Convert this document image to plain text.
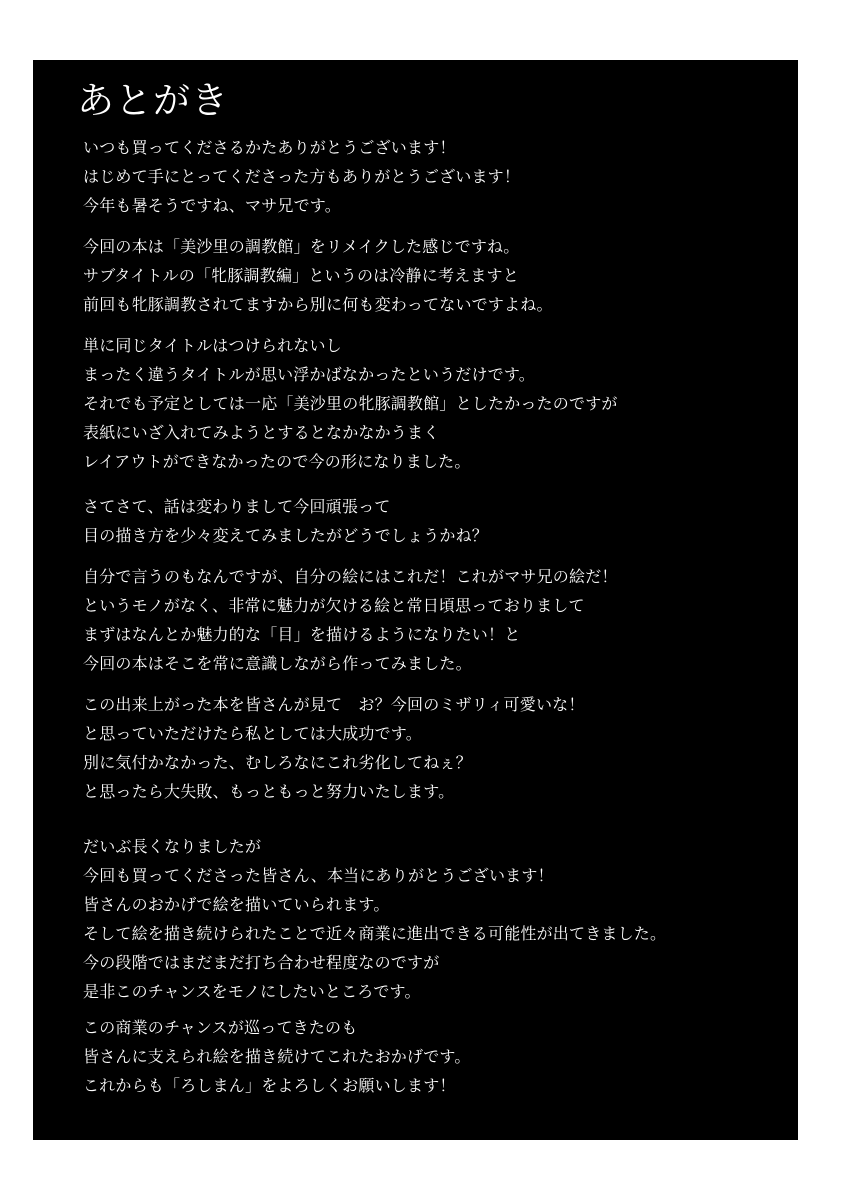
あとがき
いつも買ってくださるかたありがとうございます！
はじめて手にとってくださった方もありがとうございます！
今年も暑そうですね、マサ兄です。
今回の本は「美沙里の調教館」をリメイクした感じですね。
サブタイトルの「牝豚調教編」というのは冷静に考えますと
前回も牝豚調教されてますから別に何も変わってないですよね。
単に同じタイトルはつけられないし
まったく違うタイトルが思い浮かばなかったというだけです。
それでも予定としては一応「美沙里の牝豚調教館」としたかったのですが
表紙にいざ入れてみようとするとなかなかうまく
レイアウトができなかったので今の形になりました。
さてさて、話は変わりまして今回頑張って
目の描き方を少々変えてみましたがどうでしょうかね？
自分で言うのもなんですが、自分の絵にはこれだ！これがマサ兄の絵だ！
というモノがなく、非常に魅力が欠ける絵と常日頃思っておりまして
まずはなんとか魅力的な「目」を描けるようになりたい！と
今回の本はそこを常に意識しながら作ってみました。
この出来上がった本を皆さんが見て　お？今回のミザリィ可愛いな！
と思っていただけたら私としては大成功です。
別に気付かなかった、むしろなにこれ劣化してねぇ？
と思ったら大失敗、もっともっと努力いたします。
だいぶ長くなりましたが
今回も買ってくださった皆さん、本当にありがとうございます！
皆さんのおかげで絵を描いていられます。
そして絵を描き続けられたことで近々商業に進出できる可能性が出てきました。
今の段階ではまだまだ打ち合わせ程度なのですが
是非このチャンスをモノにしたいところです。
この商業のチャンスが巡ってきたのも
皆さんに支えられ絵を描き続けてこれたおかげです。
これからも「ろしまん」をよろしくお願いします！
